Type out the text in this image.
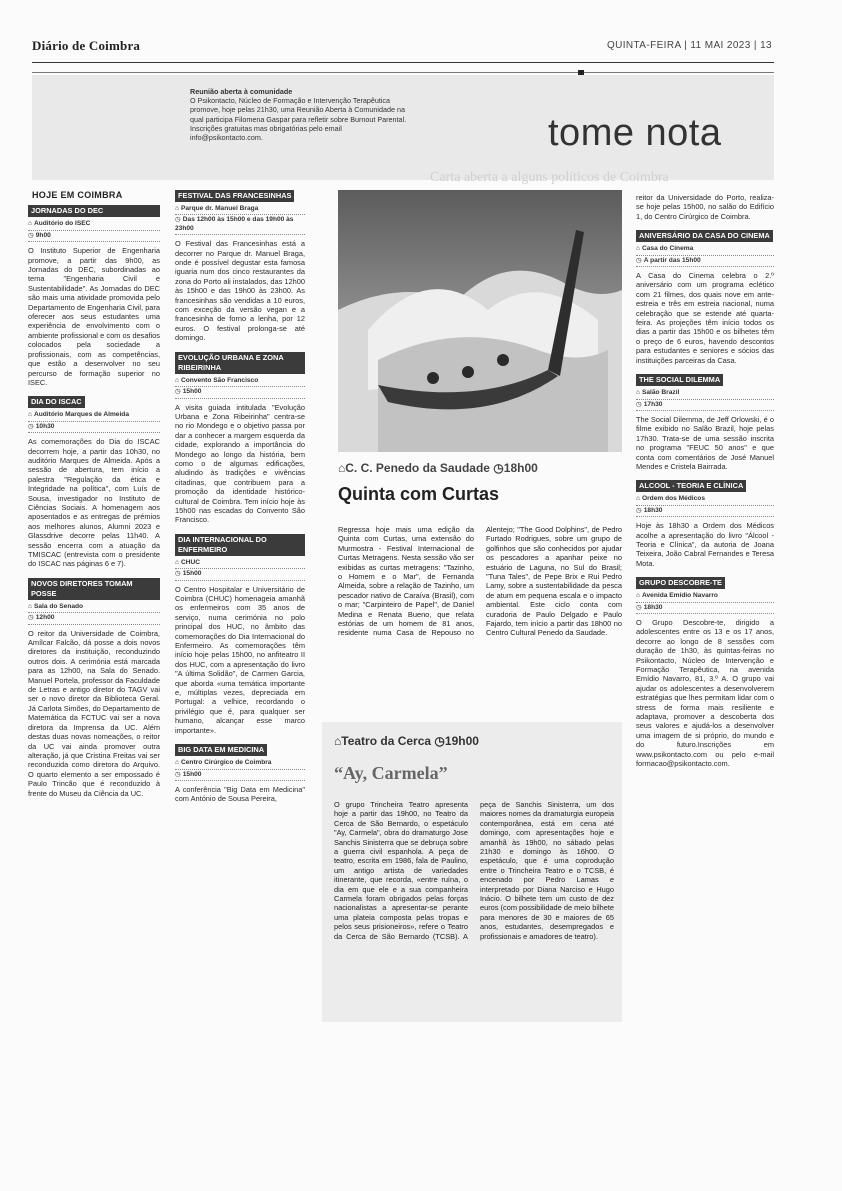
Diário de Coimbra	QUINTA-FEIRA | 11 MAI 2023 | 13
Reunião aberta à comunidade
O Psikontacto, Núcleo de Formação e Intervenção Terapêutica promove, hoje pelas 21h30, uma Reunião Aberta à Comunidade na qual participa Filomena Gaspar para refletir sobre Burnout Parental. Inscrições gratuitas mas obrigatórias pelo email info@psikontacto.com.	tome nota
Carta aberta a alguns políticos de Coimbra
HOJE EM COIMBRA
JORNADAS DO DEC
⌂ Auditório do ISEC
◷ 9h00

O Instituto Superior de Engenharia promove, a partir das 9h00, as Jornadas do DEC, subordinadas ao tema "Engenharia Civil e Sustentabilidade". As Jornadas do DEC são mais uma atividade promovida pelo Departamento de Engenharia Civil, para oferecer aos seus estudantes uma experiência de envolvimento com o ambiente profissional e com os desafios colocados pela sociedade a profissionais, com as competências, que estão a desenvolver no seu percurso de formação superior no ISEC.

DIA DO ISCAC
⌂ Auditório Marques de Almeida
◷ 10h30

As comemorações do Dia do ISCAC decorrem hoje, a partir das 10h30, no auditório Marques de Almeida. Após a sessão de abertura, tem início a palestra "Regulação da ética e Integridade na política", com Luís de Sousa, investigador no Instituto de Ciências Sociais. A homenagem aos aposentados e as entregas de prémios aos melhores alunos, Alumni 2023 e Glassdrive decorre pelas 11h40. A sessão encerra com a atuação da TMISCAC (entrevista com o presidente do ISCAC nas páginas 6 e 7).

NOVOS DIRETORES TOMAM POSSE
⌂ Sala do Senado
◷ 12h00

O reitor da Universidade de Coimbra, Amílcar Falcão, dá posse a dois novos diretores da instituição, reconduzindo outros dois. A cerimónia está marcada para as 12h00, na Sala do Senado. Manuel Portela, professor da Faculdade de Letras e antigo diretor do TAGV vai ser o novo diretor da Biblioteca Geral. Já Carlota Simões, do Departamento de Matemática da FCTUC vai ser a nova diretora da Imprensa da UC. Além destas duas novas nomeações, o reitor da UC vai ainda promover outra alteração, já que Cristina Freitas vai ser reconduzida como diretora do Arquivo. O quarto elemento a ser empossado é Paulo Trincão que é reconduzido à frente do Museu da Ciência da UC.

FESTIVAL DAS FRANCESINHAS
⌂ Parque dr. Manuel Braga
◷ Das 12h00 às 15h00 e das 19h00 às 23h00

O Festival das Francesinhas está a decorrer no Parque dr. Manuel Braga, onde é possível degustar esta famosa iguaria num dos cinco restaurantes da zona do Porto ali instalados, das 12h00 às 15h00 e das 19h00 às 23h00. As francesinhas são vendidas a 10 euros, com exceção da versão vegan e a francesinha de forno a lenha, por 12 euros. O festival prolonga-se até domingo.

EVOLUÇÃO URBANA E ZONA RIBEIRINHA
⌂ Convento São Francisco
◷ 15h00

A visita guiada intitulada "Evolução Urbana e Zona Ribeirinha" centra-se no rio Mondego e o objetivo passa por dar a conhecer a margem esquerda da cidade, explorando a importância do Mondego ao longo da história, bem como o de algumas edificações, aludindo às tradições e vivências citadinas, que contribuem para a promoção da identidade histórico-cultural de Coimbra. Tem início hoje às 15h00 nas escadas do Convento São Francisco.

DIA INTERNACIONAL DO ENFERMEIRO
⌂ CHUC
◷ 15h00

O Centro Hospitalar e Universitário de Coimbra (CHUC) homenageia amanhã os enfermeiros com 35 anos de serviço, numa cerimónia no polo principal dos HUC, no âmbito das comemorações do Dia Internacional do Enfermeiro. As comemorações têm início hoje pelas 15h00, no anfiteatro II dos HUC, com a apresentação do livro "A última Solidão", de Carmen Garcia, que aborda «uma temática importante e, múltiplas vezes, depreciada em Portugal: a velhice, recordando o privilégio que é, para qualquer ser humano, alcançar esse marco importante».

BIG DATA EM MEDICINA
⌂ Centro Cirúrgico de Coimbra
◷ 15h00

A conferência "Big Data em Medicina" com António de Sousa Pereira,

⌂C. C. Penedo da Saudade ◷18h00
Quinta com Curtas
Regressa hoje mais uma edição da Quinta com Curtas, uma extensão do Murmostra - Festival Internacional de Curtas Metragens. Nesta sessão vão ser exibidas as curtas metragens: "Tazinho, o Homem e o Mar", de Fernanda Almeida, sobre a relação de Tazinho, um pescador nativo de Caraíva (Brasil), com o mar; "Carpinteiro de Papel", de Daniel Medina e Renata Bueno, que relata estórias de um homem de 81 anos, residente numa Casa de Repouso no Alentejo; "The Good Dolphins", de Pedro Furtado Rodrigues, sobre um grupo de golfinhos que são conhecidos por ajudar os pescadores a apanhar peixe no estuário de Laguna, no Sul do Brasil; "Tuna Tales", de Pepe Brix e Rui Pedro Lamy, sobre a sustentabilidade da pesca de atum em pequena escala e o impacto ambiental. Este ciclo conta com curadoria de Paulo Delgado e Paulo Fajardo, tem início a partir das 18h00 no Centro Cultural Penedo da Saudade.
⌂Teatro da Cerca ◷19h00
“Ay, Carmela”
O grupo Trincheira Teatro apresenta hoje a partir das 19h00, no Teatro da Cerca de São Bernardo, o espetáculo "Ay, Carmela", obra do dramaturgo Jose Sanchis Sinisterra que se debruça sobre a guerra civil espanhola. A peça de teatro, escrita em 1986, fala de Paulino, um antigo artista de variedades itinerante, que recorda, «entre ruína, o dia em que ele e a sua companheira Carmela foram obrigados pelas forças nacionalistas a apresentar-se perante uma plateia composta pelas tropas e pelos seus prisioneiros», refere o Teatro da Cerca de São Bernardo (TCSB). A peça de Sanchis Sinisterra, um dos maiores nomes da dramaturgia europeia contemporânea, está em cena até domingo, com apresentações hoje e amanhã às 19h00, no sábado pelas 21h30 e domingo às 16h00. O espetáculo, que é uma coprodução entre o Trincheira Teatro e o TCSB, é encenado por Pedro Lamas e interpretado por Diana Narciso e Hugo Inácio. O bilhete tem um custo de dez euros (com possibilidade de meio bilhete para menores de 30 e maiores de 65 anos, estudantes, desempregados e profissionais e amadores de teatro).

reitor da Universidade do Porto, realiza-se hoje pelas 15h00, no salão do Edifício 1, do Centro Cirúrgico de Coimbra.

ANIVERSÁRIO DA CASA DO CINEMA
⌂ Casa do Cinema
◷ A partir das 15h00

A Casa do Cinema celebra o 2.º aniversário com um programa eclético com 21 filmes, dos quais nove em ante-estreia e três em estreia nacional, numa celebração que se estende até quarta-feira. As projeções têm início todos os dias a partir das 15h00 e os bilhetes têm o preço de 6 euros, havendo descontos para estudantes e seniores e sócios das instituições parceiras da Casa.

THE SOCIAL DILEMMA
⌂ Salão Brazil
◷ 17h30

The Social Dilemma, de Jeff Orlowski, é o filme exibido no Salão Brazil, hoje pelas 17h30. Trata-se de uma sessão inscrita no programa "FEUC 50 anos" e que conta com comentários de José Manuel Mendes e Cristela Bairrada.

ALCOOL - TEORIA E CLÍNICA
⌂ Ordem dos Médicos
◷ 18h30

Hoje às 18h30 a Ordem dos Médicos acolhe a apresentação do livro "Álcool - Teoria e Clínica", da autoria de Joana Teixeira, João Cabral Fernandes e Teresa Mota.

GRUPO DESCOBRE-TE
⌂ Avenida Emídio Navarro
◷ 18h30

O Grupo Descobre-te, dirigido a adolescentes entre os 13 e os 17 anos, decorre ao longo de 8 sessões com duração de 1h30, às quintas-feiras no Psikontacto, Núcleo de Intervenção e Formação Terapêutica, na avenida Emídio Navarro, 81, 3.º A. O grupo vai ajudar os adolescentes a desenvolverem estratégias que lhes permitam lidar com o stress de forma mais resiliente e adaptava, promover a descoberta dos seus valores e ajudá-los a desenvolver uma imagem de si próprio, do mundo e do futuro.Inscrições em www.psikontacto.com ou pelo e-mail formacao@psikontacto.com.
